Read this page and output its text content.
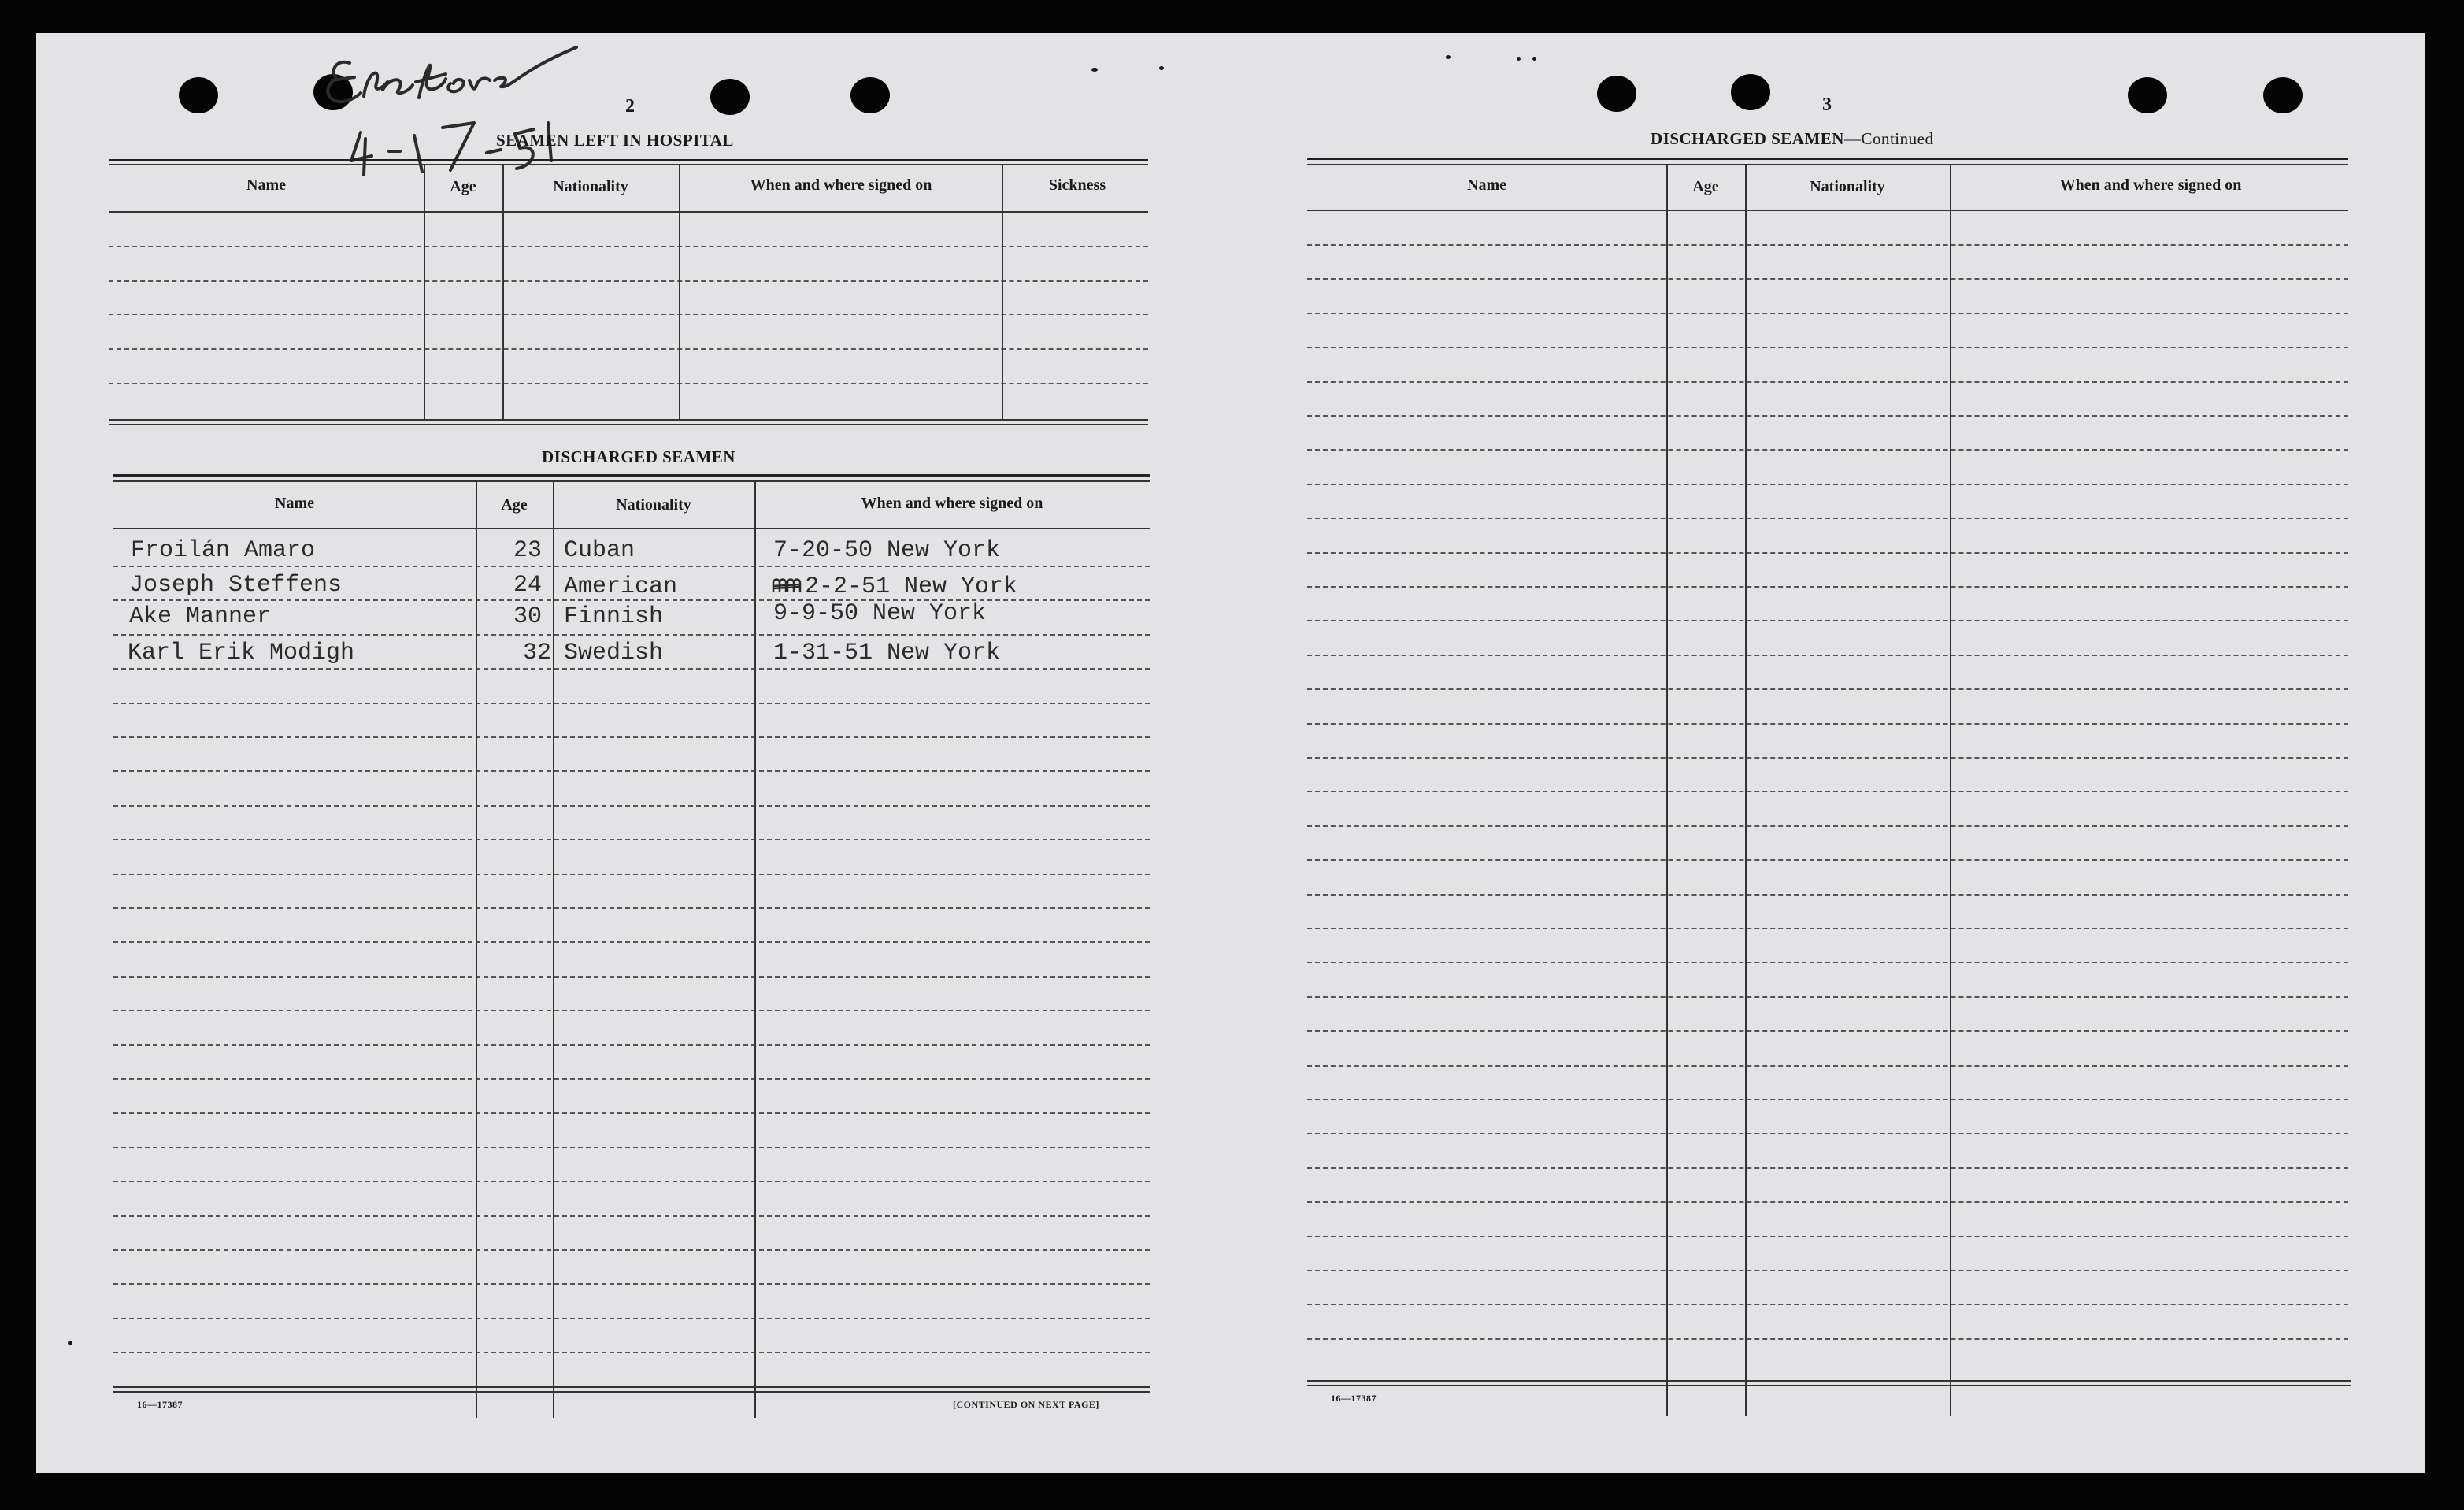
2
SEAMEN LEFT IN HOSPITAL
Name	Age	Nationality	When and where signed on	Sickness
DISCHARGED SEAMEN
Name	Age	Nationality	When and where signed on
Froilán Amaro	23 Cuban	7-20-50 New York
Joseph Steffens	24 American	2-2-51 New York
Ake Manner	30 Finnish	9-9-50 New York
Karl Erik Modigh	32 Swedish	1-31-51 New York
16—17387	[CONTINUED ON NEXT PAGE]
3
DISCHARGED SEAMEN—Continued
Name	Age	Nationality	When and where signed on
16—17387
